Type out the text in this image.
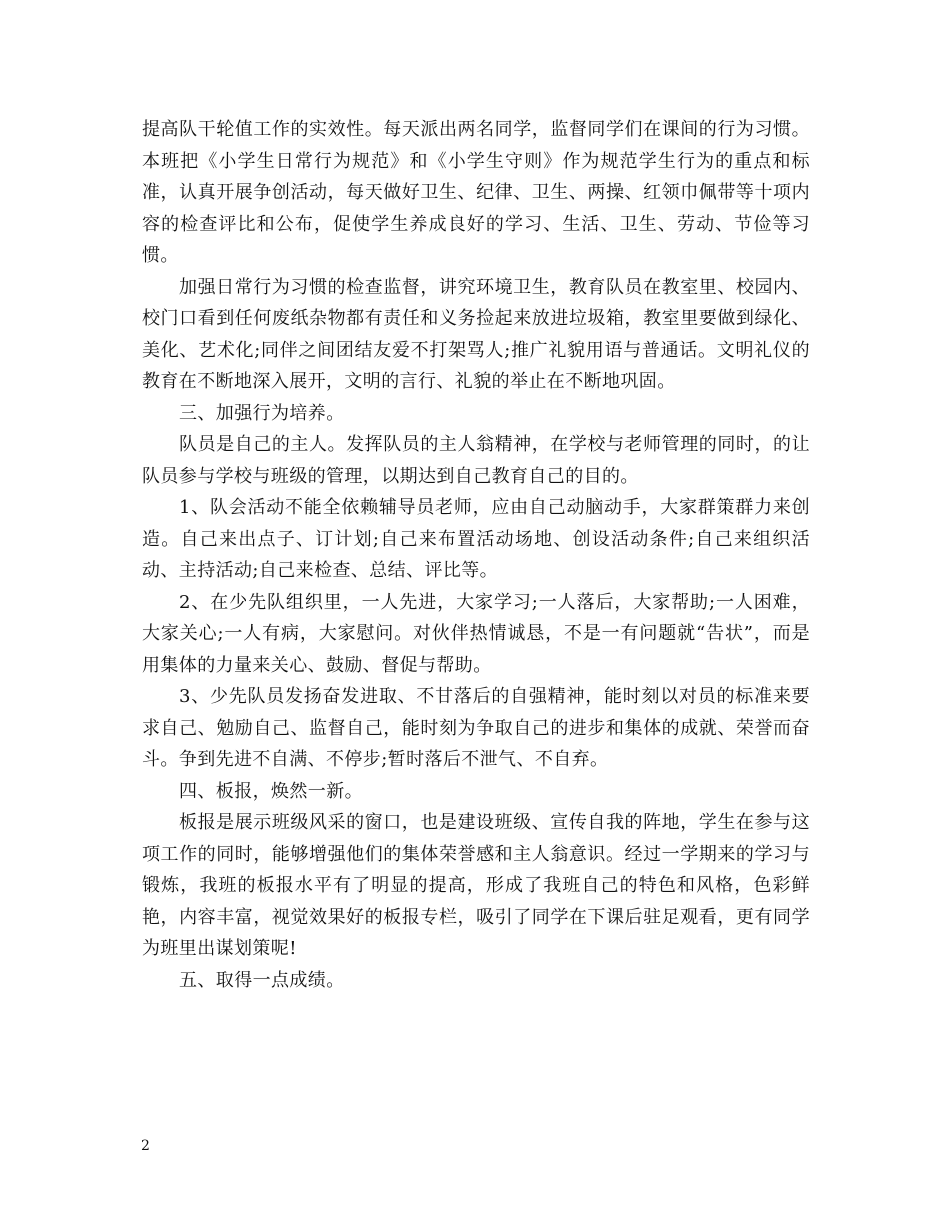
提高队干轮值工作的实效性。每天派出两名同学，监督同学们在课间的行为习惯。本班把《小学生日常行为规范》和《小学生守则》作为规范学生行为的重点和标准，认真开展争创活动，每天做好卫生、纪律、卫生、两操、红领巾佩带等十项内容的检查评比和公布，促使学生养成良好的学习、生活、卫生、劳动、节俭等习惯。

加强日常行为习惯的检查监督，讲究环境卫生，教育队员在教室里、校园内、校门口看到任何废纸杂物都有责任和义务捡起来放进垃圾箱，教室里要做到绿化、美化、艺术化;同伴之间团结友爱不打架骂人;推广礼貌用语与普通话。文明礼仪的教育在不断地深入展开，文明的言行、礼貌的举止在不断地巩固。

三、加强行为培养。

队员是自己的主人。发挥队员的主人翁精神，在学校与老师管理的同时，的让队员参与学校与班级的管理，以期达到自己教育自己的目的。

1、队会活动不能全依赖辅导员老师，应由自己动脑动手，大家群策群力来创造。自己来出点子、订计划;自己来布置活动场地、创设活动条件;自己来组织活动、主持活动;自己来检查、总结、评比等。

2、在少先队组织里，一人先进，大家学习;一人落后，大家帮助;一人困难，大家关心;一人有病，大家慰问。对伙伴热情诚恳，不是一有问题就“告状”，而是用集体的力量来关心、鼓励、督促与帮助。

3、少先队员发扬奋发进取、不甘落后的自强精神，能时刻以对员的标准来要求自己、勉励自己、监督自己，能时刻为争取自己的进步和集体的成就、荣誉而奋斗。争到先进不自满、不停步;暂时落后不泄气、不自弃。

四、板报，焕然一新。

板报是展示班级风采的窗口，也是建设班级、宣传自我的阵地，学生在参与这项工作的同时，能够增强他们的集体荣誉感和主人翁意识。经过一学期来的学习与锻炼，我班的板报水平有了明显的提高，形成了我班自己的特色和风格，色彩鲜艳，内容丰富，视觉效果好的板报专栏，吸引了同学在下课后驻足观看，更有同学为班里出谋划策呢!

五、取得一点成绩。

2
